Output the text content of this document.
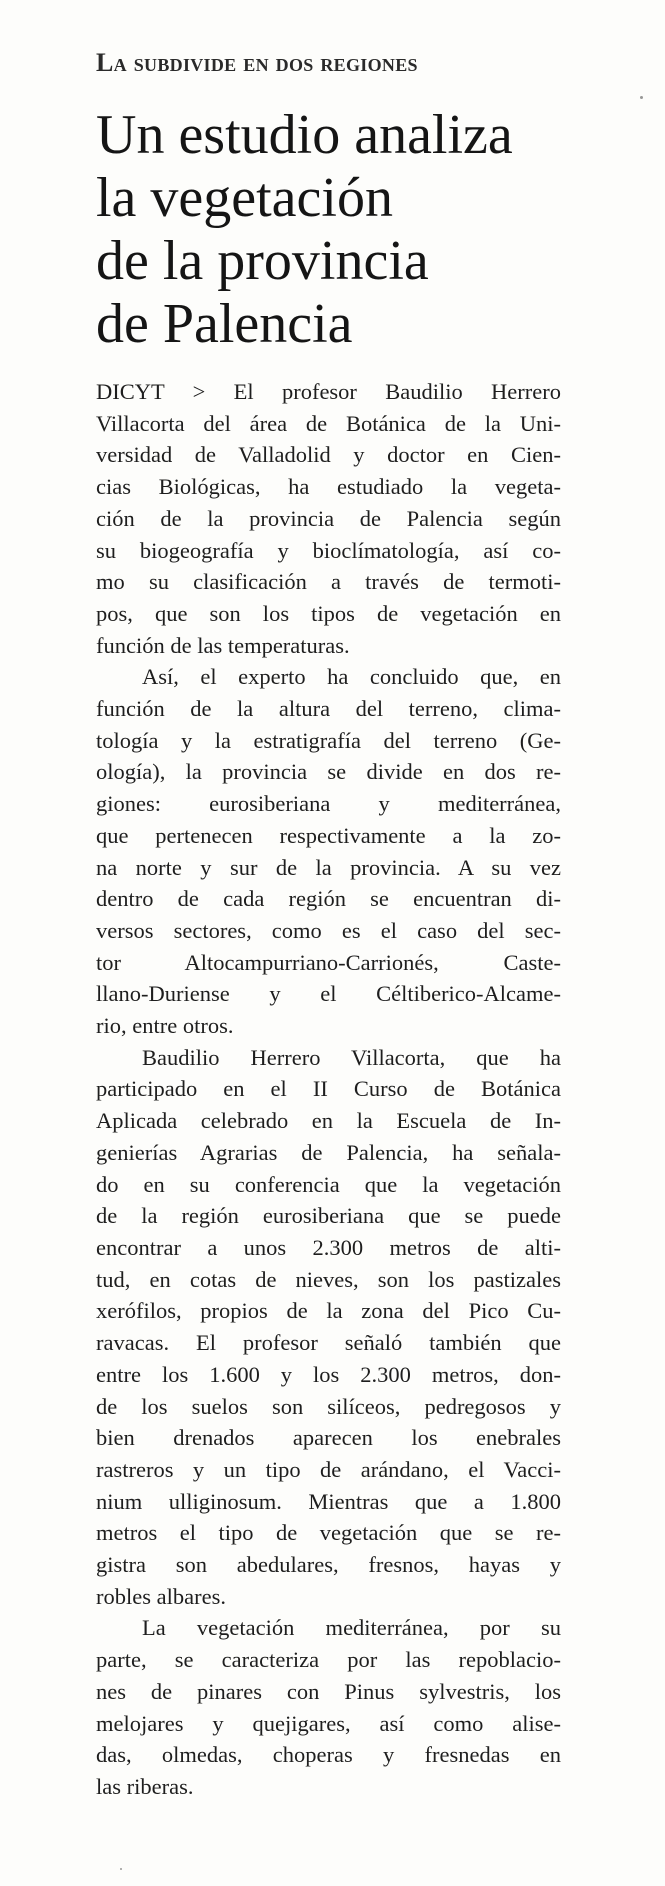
La subdivide en dos regiones
Un estudio analiza
la vegetación
de la provincia
de Palencia

DICYT > El profesor Baudilio Herrero
Villacorta del área de Botánica de la Uni-
versidad de Valladolid y doctor en Cien-
cias Biológicas, ha estudiado la vegeta-
ción de la provincia de Palencia según
su biogeografía y bioclímatología, así co-
mo su clasificación a través de termoti-
pos, que son los tipos de vegetación en
función de las temperaturas.

Así, el experto ha concluido que, en
función de la altura del terreno, clima-
tología y la estratigrafía del terreno (Ge-
ología), la provincia se divide en dos re-
giones: eurosiberiana y mediterránea,
que pertenecen respectivamente a la zo-
na norte y sur de la provincia. A su vez
dentro de cada región se encuentran di-
versos sectores, como es el caso del sec-
tor Altocampurriano-Carrionés, Caste-
llano-Duriense y el Céltiberico-Alcame-
rio, entre otros.

Baudilio Herrero Villacorta, que ha
participado en el II Curso de Botánica
Aplicada celebrado en la Escuela de In-
genierías Agrarias de Palencia, ha señala-
do en su conferencia que la vegetación
de la región eurosiberiana que se puede
encontrar a unos 2.300 metros de alti-
tud, en cotas de nieves, son los pastizales
xerófilos, propios de la zona del Pico Cu-
ravacas. El profesor señaló también que
entre los 1.600 y los 2.300 metros, don-
de los suelos son silíceos, pedregosos y
bien drenados aparecen los enebrales
rastreros y un tipo de arándano, el Vacci-
nium ulliginosum. Mientras que a 1.800
metros el tipo de vegetación que se re-
gistra son abedulares, fresnos, hayas y
robles albares.

La vegetación mediterránea, por su
parte, se caracteriza por las repoblacio-
nes de pinares con Pinus sylvestris, los
melojares y quejigares, así como alise-
das, olmedas, choperas y fresnedas en
las riberas.
